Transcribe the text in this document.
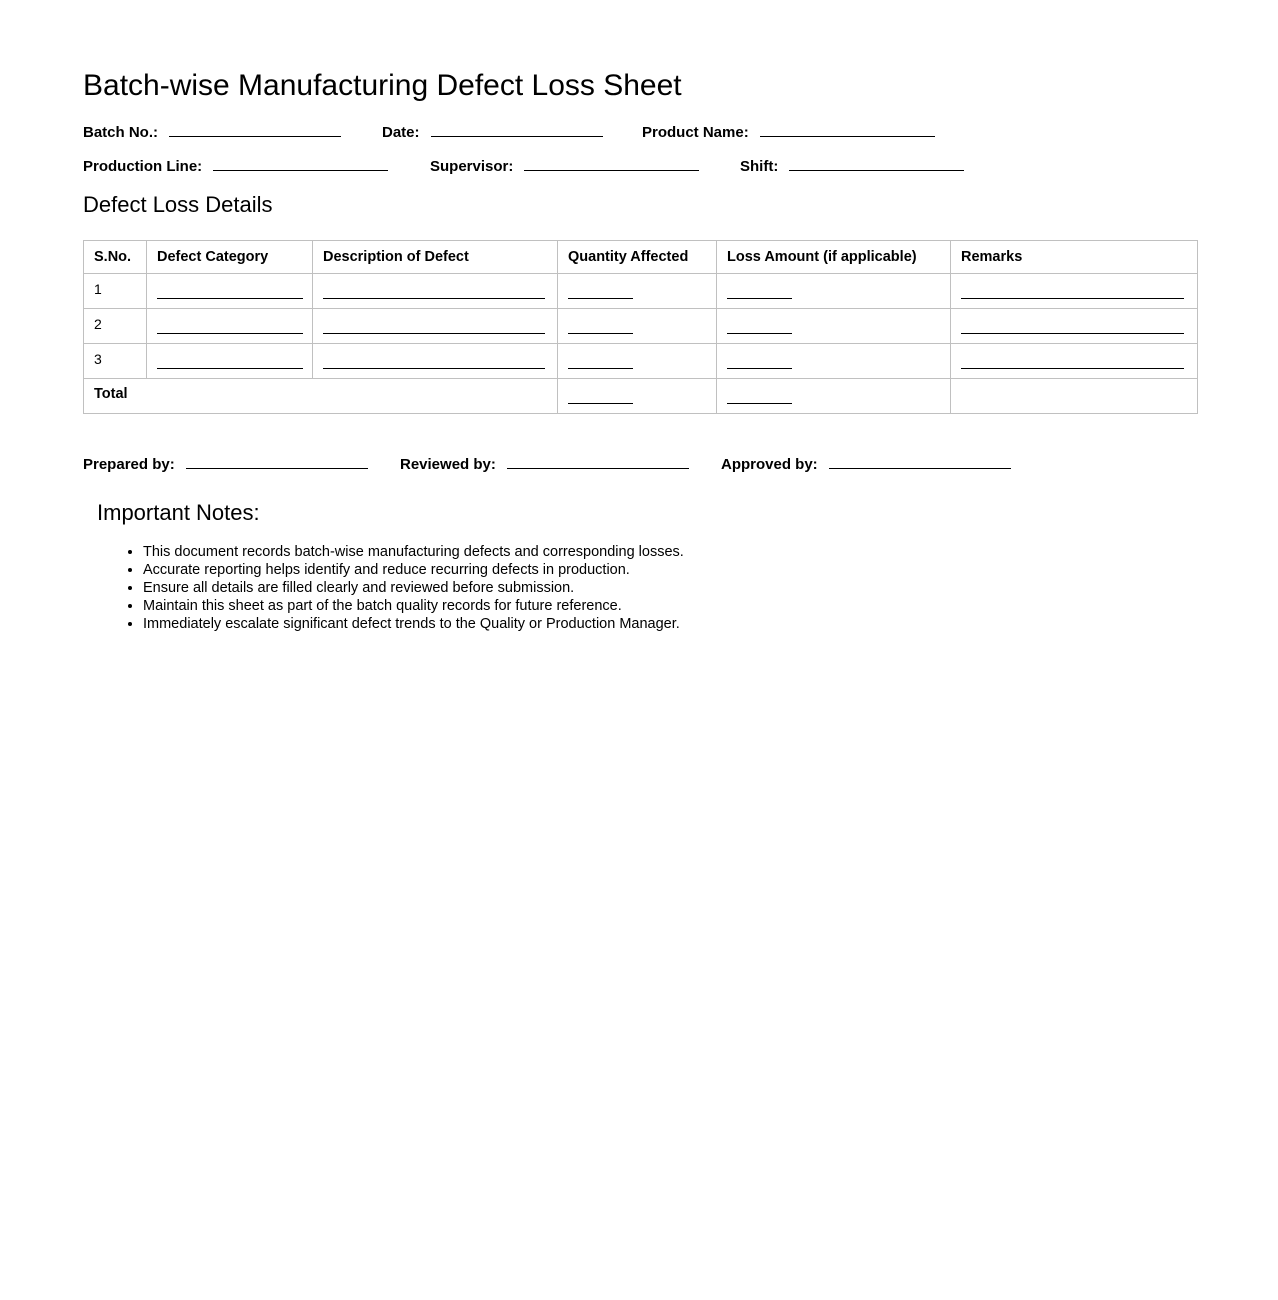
Batch-wise Manufacturing Defect Loss Sheet
Batch No.:	Date:	Product Name:
Production Line:	Supervisor:	Shift:
Defect Loss Details
S.No.	Defect Category	Description of Defect	Quantity Affected	Loss Amount (if applicable)	Remarks
1					
2					
3					
Total					
Prepared by:	Reviewed by:	Approved by:
Important Notes:
• This document records batch-wise manufacturing defects and corresponding losses.
• Accurate reporting helps identify and reduce recurring defects in production.
• Ensure all details are filled clearly and reviewed before submission.
• Maintain this sheet as part of the batch quality records for future reference.
• Immediately escalate significant defect trends to the Quality or Production Manager.
